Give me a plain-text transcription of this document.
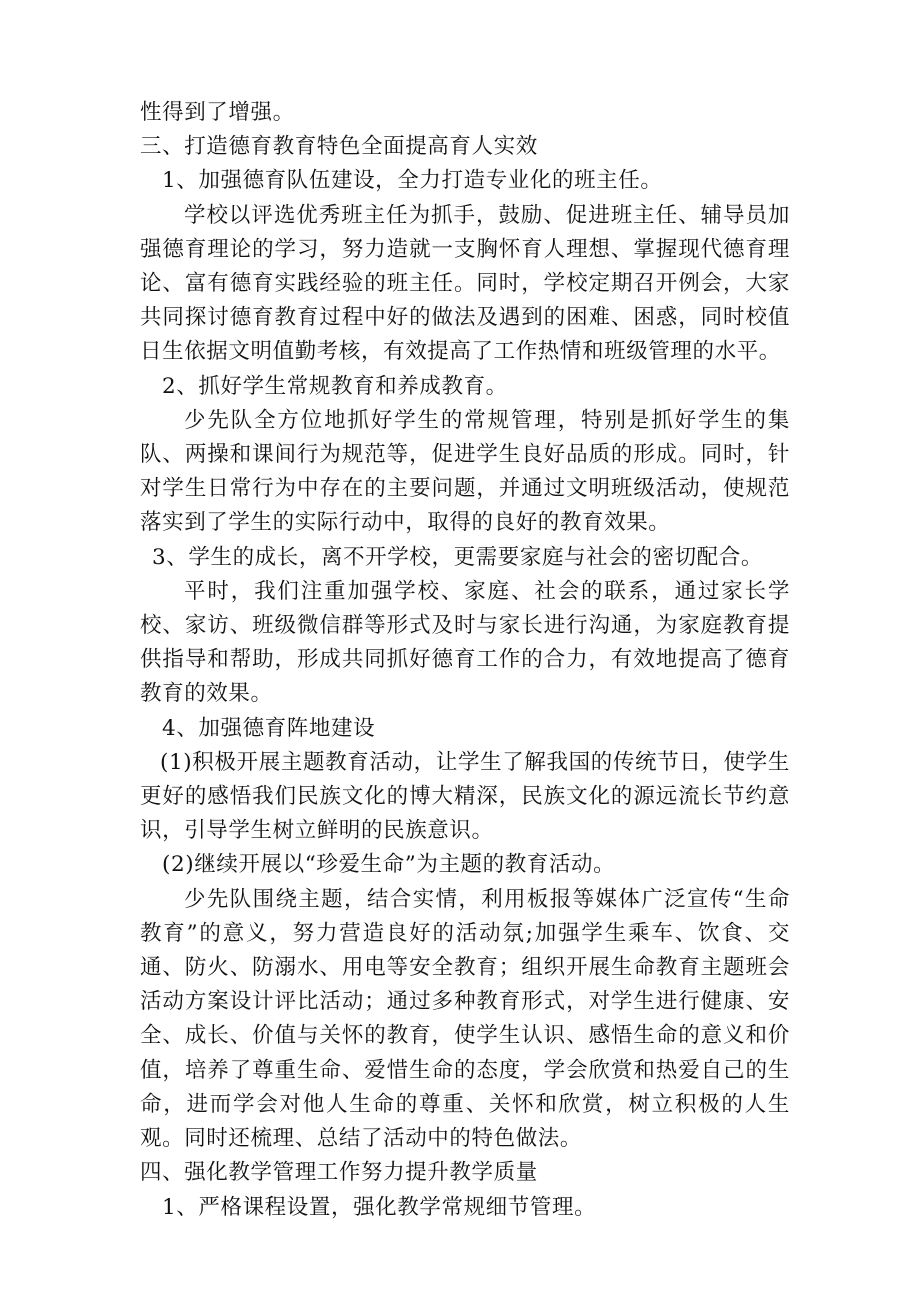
性得到了增强。

三、打造德育教育特色全面提高育人实效

1、加强德育队伍建设，全力打造专业化的班主任。

学校以评选优秀班主任为抓手，鼓励、促进班主任、辅导员加强德育理论的学习，努力造就一支胸怀育人理想、掌握现代德育理论、富有德育实践经验的班主任。同时，学校定期召开例会，大家共同探讨德育教育过程中好的做法及遇到的困难、困惑，同时校值日生依据文明值勤考核，有效提高了工作热情和班级管理的水平。

2、抓好学生常规教育和养成教育。

少先队全方位地抓好学生的常规管理，特别是抓好学生的集队、两操和课间行为规范等，促进学生良好品质的形成。同时，针对学生日常行为中存在的主要问题，并通过文明班级活动，使规范落实到了学生的实际行动中，取得的良好的教育效果。

3、学生的成长，离不开学校，更需要家庭与社会的密切配合。

平时，我们注重加强学校、家庭、社会的联系，通过家长学校、家访、班级微信群等形式及时与家长进行沟通，为家庭教育提供指导和帮助，形成共同抓好德育工作的合力，有效地提高了德育教育的效果。

4、加强德育阵地建设

(1)积极开展主题教育活动，让学生了解我国的传统节日，使学生更好的感悟我们民族文化的博大精深，民族文化的源远流长节约意识，引导学生树立鲜明的民族意识。

(2)继续开展以“珍爱生命”为主题的教育活动。

少先队围绕主题，结合实情，利用板报等媒体广泛宣传“生命教育”的意义，努力营造良好的活动氛;加强学生乘车、饮食、交通、防火、防溺水、用电等安全教育；组织开展生命教育主题班会活动方案设计评比活动；通过多种教育形式，对学生进行健康、安全、成长、价值与关怀的教育，使学生认识、感悟生命的意义和价值，培养了尊重生命、爱惜生命的态度，学会欣赏和热爱自己的生命，进而学会对他人生命的尊重、关怀和欣赏，树立积极的人生观。同时还梳理、总结了活动中的特色做法。

四、强化教学管理工作努力提升教学质量

1、严格课程设置，强化教学常规细节管理。
